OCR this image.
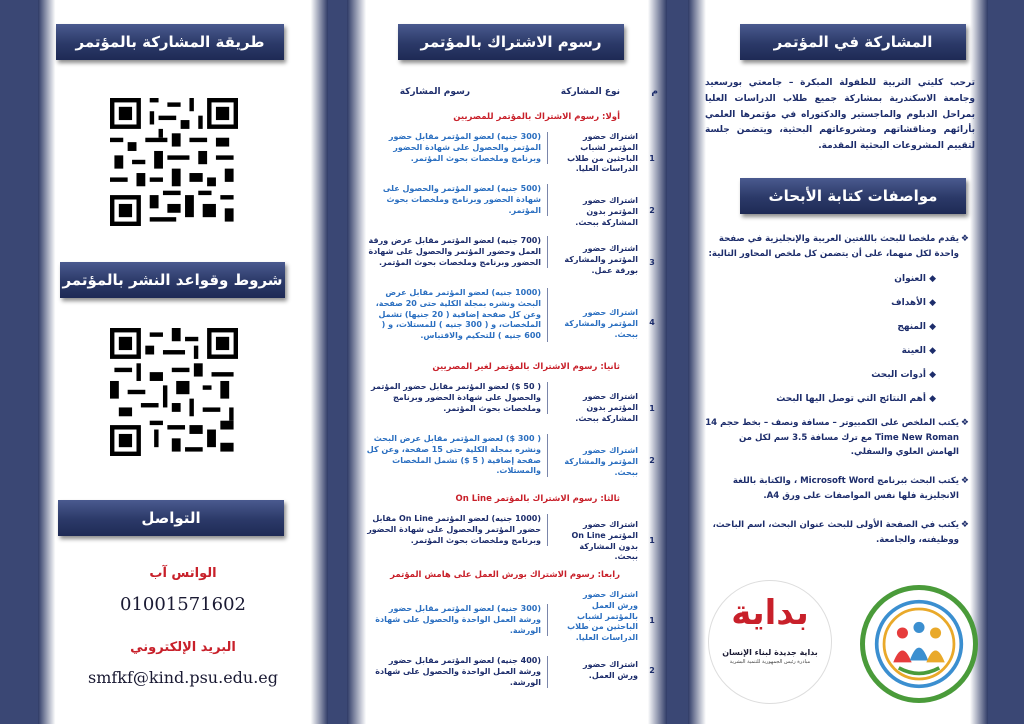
طريقة المشاركة بالمؤتمر
شروط وقواعد النشر بالمؤتمر
التواصل
الواتس آب
01001571602
البريد الإلكتروني
smfkf@kind.psu.edu.eg
رسوم الاشتراك بالمؤتمر
م
نوع المشاركة
رسوم المشاركة
أولا: رسوم الاشتراك بالمؤتمر للمصريين
1
اشتراك حضور المؤتمر لشباب الباحثين من طلاب الدراسات العليا.
(300 جنيه) لعضو المؤتمر مقابل حضور المؤتمر والحصول على شهادة الحضور وبرنامج وملخصات بحوث المؤتمر.
2
اشتراك حضور المؤتمر بدون المشاركة ببحث.
(500 جنيه) لعضو المؤتمر والحصول على شهادة الحضور وبرنامج وملخصات بحوث المؤتمر.
3
اشتراك حضور المؤتمر والمشاركة بورقة عمل.
(700 جنيه) لعضو المؤتمر مقابل عرض ورقة العمل وحضور المؤتمر والحصول على شهادة الحضور وبرنامج وملخصات بحوث المؤتمر.
4
اشتراك حضور المؤتمر والمشاركة ببحث.
(1000 جنيه) لعضو المؤتمر مقابل عرض البحث ونشره بمجلة الكلية حتى 20 صفحة، وعن كل صفحة إضافية ( 20 جنيها) تشمل الملخصات، و ( 300 جنيه ) للمستلات، و ( 600 جنيه ) للتحكيم والاقتباس.
ثانيا: رسوم الاشتراك بالمؤتمر لغير المصريين
1
اشتراك حضور المؤتمر بدون المشاركة ببحث.
( 50 $) لعضو المؤتمر مقابل حضور المؤتمر والحصول على شهادة الحضور وبرنامج وملخصات بحوث المؤتمر.
2
اشتراك حضور المؤتمر والمشاركة ببحث.
( 300 $) لعضو المؤتمر مقابل عرض البحث ونشره بمجلة الكلية حتى 15 صفحة، وعن كل صفحة إضافية ( 5 $) تشمل الملخصات والمستلات.
ثالثا: رسوم الاشتراك بالمؤتمر On Line
1
اشتراك حضور المؤتمر On Line بدون المشاركة ببحث.
(1000 جنيه) لعضو المؤتمر On Line مقابل حضور المؤتمر والحصول على شهادة الحضور وبرنامج وملخصات بحوث المؤتمر.
رابعا: رسوم الاشتراك بورش العمل على هامش المؤتمر
1
اشتراك حضور ورش العمل بالمؤتمر لشباب الباحثين من طلاب الدراسات العليا.
(300 جنيه) لعضو المؤتمر مقابل حضور ورشة العمل الواحدة والحصول على شهادة الورشة.
2
اشتراك حضور ورش العمل.
(400 جنيه) لعضو المؤتمر مقابل حضور ورشة العمل الواحدة والحصول على شهادة الورشة.
المشاركة في المؤتمر
ترحب كليتي التربية للطفولة المبكرة – جامعتي بورسعيد وجامعة الاسكندرية بمشاركة جميع طلاب الدراسات العليا بمراحل الدبلوم والماجستير والدكتوراه في مؤتمرها العلمي بأرائهم ومناقشاتهم ومشروعاتهم البحثية، ويتضمن جلسة لتقييم المشروعات البحثية المقدمة.
مواصفات كتابة الأبحاث
❖
يقدم ملخصا للبحث باللغتين العربية والإنجليزية في صفحة واحدة لكل منهما، على أن يتضمن كل ملخص المحاور التالية:
◆ العنوان
◆ الأهداف
◆ المنهج
◆ العينة
◆ أدوات البحث
◆ أهم النتائج التي توصل اليها البحث
❖
يكتب الملخص على الكمبيوتر – مسافة ونصف – بخط حجم 14 Time New Roman مع ترك مسافة 3.5 سم لكل من الهامش العلوي والسفلي.
❖
يكتب البحث ببرنامج Microsoft Word ، والكتابة باللغة الانجليزية فلها نفس المواصفات على ورق A4.
❖
يكتب في الصفحة الأولى للبحث عنوان البحث، اسم الباحث، ووظيفته، والجامعة.
بداية
بداية جديدة لبناء الإنسان
مبادرة رئيس الجمهورية للتنمية البشرية
